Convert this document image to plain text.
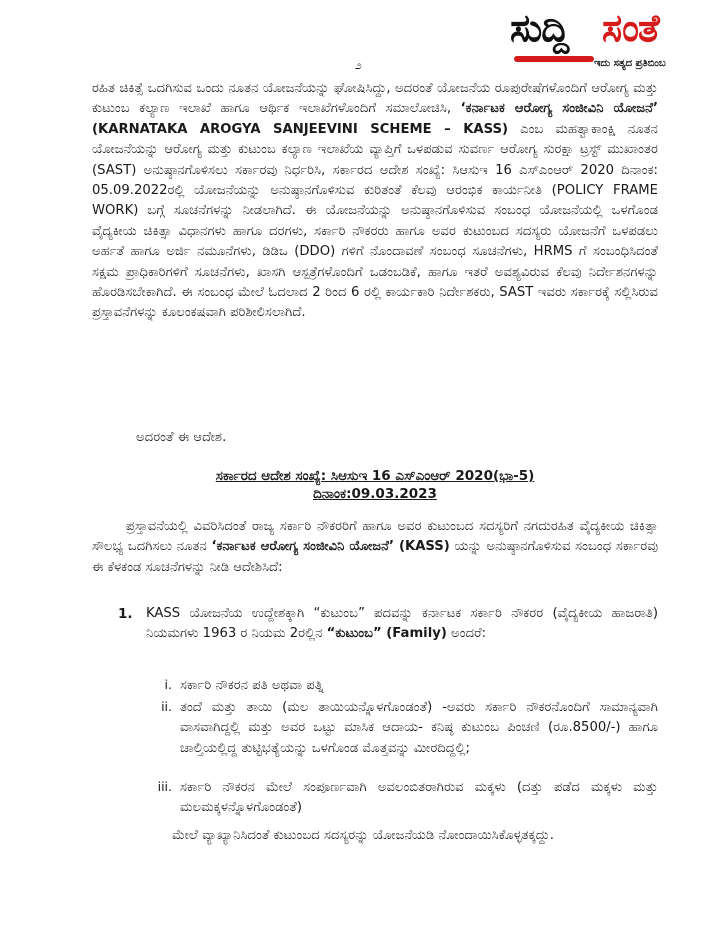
ಸುದ್ದಿ ಸಂತೆ
ಇದು ಸತ್ಯದ ಪ್ರತಿಬಿಂಬ
೨

ರಹಿತ ಚಿಕಿತ್ಸೆ ಒದಗಿಸುವ ಒಂದು ನೂತನ ಯೋಜನೆಯನ್ನು ಘೋಷಿಸಿದ್ದು, ಅದರಂತೆ ಯೋಜನೆಯ ರೂಪುರೇಷೆಗಳೊಂದಿಗೆ ಆರೋಗ್ಯ ಮತ್ತು ಕುಟುಂಬ ಕಲ್ಯಾಣ ಇಲಾಖೆ ಹಾಗೂ ಆರ್ಥಿಕ ಇಲಾಖೆಗಳೊಂದಿಗೆ ಸಮಾಲೋಚಿಸಿ, ‘ಕರ್ನಾಟಕ ಆರೋಗ್ಯ ಸಂಜೀವಿನಿ ಯೋಜನೆ’ (KARNATAKA AROGYA SANJEEVINI SCHEME – KASS) ಎಂಬ ಮಹತ್ವಾಕಾಂಕ್ಷಿ ನೂತನ ಯೋಜನೆಯನ್ನು ಆರೋಗ್ಯ ಮತ್ತು ಕುಟುಂಬ ಕಲ್ಯಾಣ ಇಲಾಖೆಯ ವ್ಯಾಪ್ತಿಗೆ ಒಳಪಡುವ ಸುವರ್ಣ ಆರೋಗ್ಯ ಸುರಕ್ಷಾ ಟ್ರಸ್ಟ್ ಮುಖಾಂತರ (SAST) ಅನುಷ್ಠಾನಗೊಳಿಸಲು ಸರ್ಕಾರವು ನಿರ್ಧರಿಸಿ, ಸರ್ಕಾರದ ಆದೇಶ ಸಂಖ್ಯೆ: ಸಿಆಸುಇ 16 ಎಸ್‌ಎಂಆರ್ 2020 ದಿನಾಂಕ: 05.09.2022ರಲ್ಲಿ ಯೋಜನೆಯನ್ನು ಅನುಷ್ಠಾನಗೊಳಿಸುವ ಕುರಿತಂತೆ ಕೆಲವು ಆರಂಭಿಕ ಕಾರ್ಯನೀತಿ (POLICY FRAME WORK) ಬಗ್ಗೆ ಸೂಚನೆಗಳನ್ನು ನೀಡಲಾಗಿದೆ. ಈ ಯೋಜನೆಯನ್ನು ಅನುಷ್ಠಾನಗೊಳಿಸುವ ಸಂಬಂಧ ಯೋಜನೆಯಲ್ಲಿ ಒಳಗೊಂಡ ವೈದ್ಯಕೀಯ ಚಿಕಿತ್ಸಾ ವಿಧಾನಗಳು ಹಾಗೂ ದರಗಳು, ಸರ್ಕಾರಿ ನೌಕರರು ಹಾಗೂ ಅವರ ಕುಟುಂಬದ ಸದಸ್ಯರು ಯೋಜನೆಗೆ ಒಳಪಡಲು ಅರ್ಹತೆ ಹಾಗೂ ಅರ್ಜಿ ನಮೂನೆಗಳು, ಡಿಡಿಒ (DDO) ಗಳಿಗೆ ನೊಂದಾವಣೆ ಸಂಬಂಧ ಸೂಚನೆಗಳು, HRMS ಗೆ ಸಂಬಂಧಿಸಿದಂತೆ ಸಕ್ಷಮ ಪ್ರಾಧಿಕಾರಿಗಳಿಗೆ ಸೂಚನೆಗಳು, ಖಾಸಗಿ ಆಸ್ಪತ್ರೆಗಳೊಂದಿಗೆ ಒಡಂಬಡಿಕೆ, ಹಾಗೂ ಇತರೆ ಅವಶ್ಯವಿರುವ ಕೆಲವು ನಿರ್ದೇಶನಗಳನ್ನು ಹೊರಡಿಸಬೇಕಾಗಿದೆ. ಈ ಸಂಬಂಧ ಮೇಲೆ ಓದಲಾದ 2 ರಿಂದ 6 ರಲ್ಲಿ ಕಾರ್ಯಕಾರಿ ನಿರ್ದೇಶಕರು, SAST ಇವರು ಸರ್ಕಾರಕ್ಕೆ ಸಲ್ಲಿಸಿರುವ ಪ್ರಸ್ತಾವನೆಗಳನ್ನು ಕೂಲಂಕಷವಾಗಿ ಪರಿಶೀಲಿಸಲಾಗಿದೆ.

ಅದರಂತೆ ಈ ಆದೇಶ.

ಸರ್ಕಾರದ ಆದೇಶ ಸಂಖ್ಯೆ: ಸಿಆಸುಇ 16 ಎಸ್‌ಎಂಆರ್ 2020(ಭಾ-5)
ದಿನಾಂಕ:09.03.2023

ಪ್ರಸ್ತಾವನೆಯಲ್ಲಿ ವಿವರಿಸಿದಂತೆ ರಾಜ್ಯ ಸರ್ಕಾರಿ ನೌಕರರಿಗೆ ಹಾಗೂ ಅವರ ಕುಟುಂಬದ ಸದಸ್ಯರಿಗೆ ನಗದುರಹಿತ ವೈದ್ಯಕೀಯ ಚಿಕಿತ್ಸಾ ಸೌಲಭ್ಯ ಒದಗಿಸಲು ನೂತನ ‘ಕರ್ನಾಟಕ ಆರೋಗ್ಯ ಸಂಜೀವಿನಿ ಯೋಜನೆ’ (KASS) ಯನ್ನು ಅನುಷ್ಠಾನಗೊಳಿಸುವ ಸಂಬಂಧ ಸರ್ಕಾರವು ಈ ಕೆಳಕಂಡ ಸೂಚನೆಗಳನ್ನು ನೀಡಿ ಆದೇಶಿಸಿದೆ:

1. KASS ಯೋಜನೆಯ ಉದ್ದೇಶಕ್ಕಾಗಿ “ಕುಟುಂಬ” ಪದವನ್ನು ಕರ್ನಾಟಕ ಸರ್ಕಾರಿ ನೌಕರರ (ವೈದ್ಯಕೀಯ ಹಾಜರಾತಿ) ನಿಯಮಗಳು 1963 ರ ನಿಯಮ 2ರಲ್ಲಿನ “ಕುಟುಂಬ” (Family) ಅಂದರೆ:

i. ಸರ್ಕಾರಿ ನೌಕರನ ಪತಿ ಅಥವಾ ಪತ್ನಿ

ii. ತಂದೆ ಮತ್ತು ತಾಯಿ (ಮಲ ತಾಯಿಯನ್ನೊಳಗೊಂಡಂತೆ) -ಅವರು ಸರ್ಕಾರಿ ನೌಕರನೊಂದಿಗೆ ಸಾಮಾನ್ಯವಾಗಿ ವಾಸವಾಗಿದ್ದಲ್ಲಿ ಮತ್ತು ಅವರ ಒಟ್ಟು ಮಾಸಿಕ ಆದಾಯ- ಕನಿಷ್ಠ ಕುಟುಂಬ ಪಿಂಚಣಿ (ರೂ.8500/-) ಹಾಗೂ ಚಾಲ್ತಿಯಲ್ಲಿದ್ದ ತುಟ್ಟಿಭತ್ಯೆಯನ್ನು ಒಳಗೊಂಡ ಮೊತ್ತವನ್ನು ಮೀರದಿದ್ದಲ್ಲಿ;

iii. ಸರ್ಕಾರಿ ನೌಕರನ ಮೇಲೆ ಸಂಪೂರ್ಣವಾಗಿ ಅವಲಂಬಿತರಾಗಿರುವ ಮಕ್ಕಳು (ದತ್ತು ಪಡೆದ ಮಕ್ಕಳು ಮತ್ತು ಮಲಮಕ್ಕಳನ್ನೊಳಗೊಂಡಂತೆ)

ಮೇಲೆ ವ್ಯಾಖ್ಯಾನಿಸಿದಂತೆ ಕುಟುಂಬದ ಸದಸ್ಯರನ್ನು ಯೋಜನೆಯಡಿ ನೋಂದಾಯಿಸಿಕೊಳ್ಳತಕ್ಕದ್ದು.
